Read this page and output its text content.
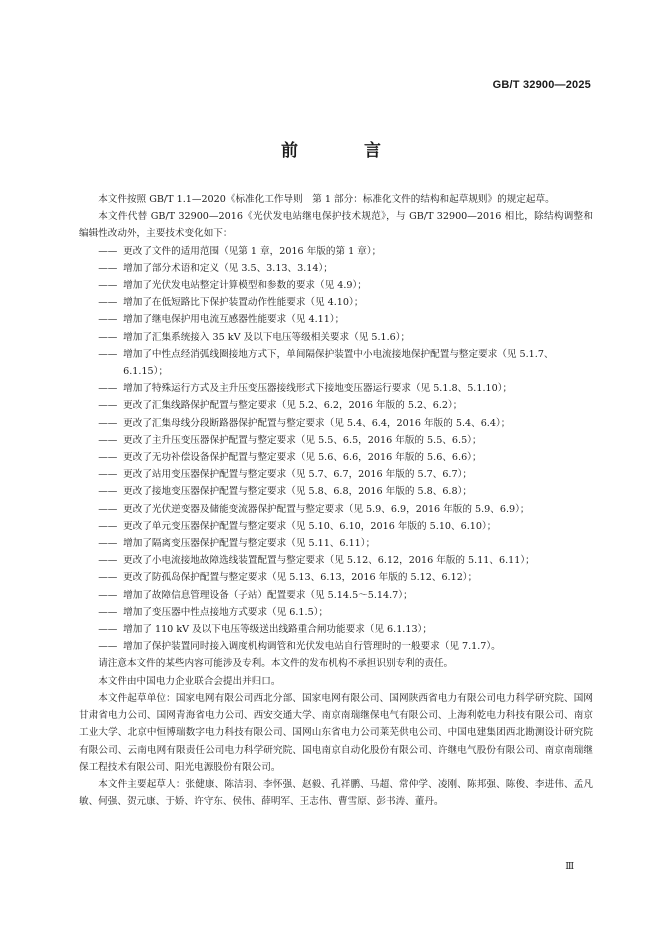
GB/T 32900—2025
前 言

本文件按照 GB/T 1.1—2020《标准化工作导则　第 1 部分：标准化文件的结构和起草规则》的规定起草。

本文件代替 GB/T 32900—2016《光伏发电站继电保护技术规范》，与 GB/T 32900—2016 相比，除结构调整和编辑性改动外，主要技术变化如下：

—— 更改了文件的适用范围（见第 1 章，2016 年版的第 1 章）；

—— 增加了部分术语和定义（见 3.5、3.13、3.14）；

—— 增加了光伏发电站整定计算模型和参数的要求（见 4.9）；

—— 增加了在低短路比下保护装置动作性能要求（见 4.10）；

—— 增加了继电保护用电流互感器性能要求（见 4.11）；

—— 增加了汇集系统接入 35 kV 及以下电压等级相关要求（见 5.1.6）；

—— 增加了中性点经消弧线圈接地方式下，单间隔保护装置中小电流接地保护配置与整定要求（见 5.1.7、6.1.15）；

—— 增加了特殊运行方式及主升压变压器接线形式下接地变压器运行要求（见 5.1.8、5.1.10）；

—— 更改了汇集线路保护配置与整定要求（见 5.2、6.2，2016 年版的 5.2、6.2）；

—— 更改了汇集母线分段断路器保护配置与整定要求（见 5.4、6.4，2016 年版的 5.4、6.4）；

—— 更改了主升压变压器保护配置与整定要求（见 5.5、6.5，2016 年版的 5.5、6.5）；

—— 更改了无功补偿设备保护配置与整定要求（见 5.6、6.6，2016 年版的 5.6、6.6）；

—— 更改了站用变压器保护配置与整定要求（见 5.7、6.7，2016 年版的 5.7、6.7）；

—— 更改了接地变压器保护配置与整定要求（见 5.8、6.8，2016 年版的 5.8、6.8）；

—— 更改了光伏逆变器及储能变流器保护配置与整定要求（见 5.9、6.9，2016 年版的 5.9、6.9）；

—— 更改了单元变压器保护配置与整定要求（见 5.10、6.10，2016 年版的 5.10、6.10）；

—— 增加了隔离变压器保护配置与整定要求（见 5.11、6.11）；

—— 更改了小电流接地故障选线装置配置与整定要求（见 5.12、6.12，2016 年版的 5.11、6.11）；

—— 更改了防孤岛保护配置与整定要求（见 5.13、6.13，2016 年版的 5.12、6.12）；

—— 增加了故障信息管理设备（子站）配置要求（见 5.14.5～5.14.7）；

—— 增加了变压器中性点接地方式要求（见 6.1.5）；

—— 增加了 110 kV 及以下电压等级送出线路重合闸功能要求（见 6.1.13）；

—— 增加了保护装置同时接入调度机构调管和光伏发电站自行管理时的一般要求（见 7.1.7）。

请注意本文件的某些内容可能涉及专利。本文件的发布机构不承担识别专利的责任。

本文件由中国电力企业联合会提出并归口。

本文件起草单位：国家电网有限公司西北分部、国家电网有限公司、国网陕西省电力有限公司电力科学研究院、国网甘肃省电力公司、国网青海省电力公司、西安交通大学、南京南瑞继保电气有限公司、上海利乾电力科技有限公司、南京工业大学、北京中恒博瑞数字电力科技有限公司、国网山东省电力公司莱芜供电公司、中国电建集团西北勘测设计研究院有限公司、云南电网有限责任公司电力科学研究院、国电南京自动化股份有限公司、许继电气股份有限公司、南京南瑞继保工程技术有限公司、阳光电源股份有限公司。

本文件主要起草人：张健康、陈洁羽、李怀强、赵毅、孔祥鹏、马超、常仲学、凌刚、陈邦强、陈俊、李进伟、孟凡敏、何强、贺元康、于娇、许守东、侯伟、薛明军、王志伟、曹雪原、彭书涛、董丹。

Ⅲ
